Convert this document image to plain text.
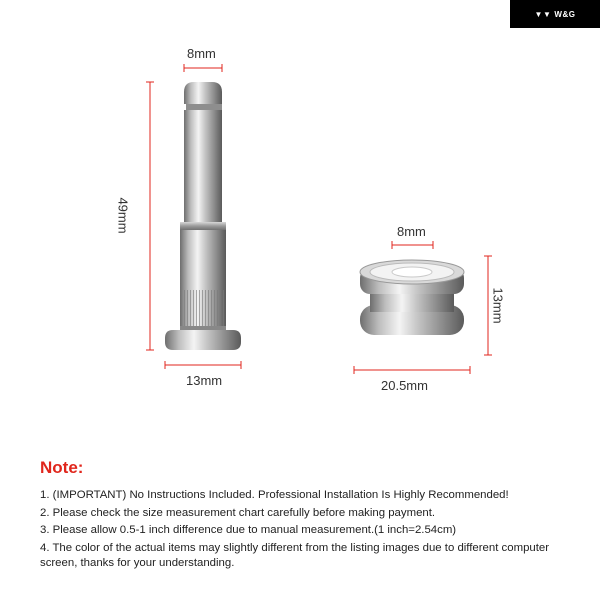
▼▼ W&G
8mm
49mm
13mm
8mm
13mm
20.5mm
Note:
1. (IMPORTANT) No Instructions Included. Professional Installation Is Highly Recommended!
2. Please check the size measurement chart carefully before making payment.
3. Please allow 0.5-1 inch difference due to manual measurement.(1 inch=2.54cm)
4. The color of the actual items may slightly different from the listing images due to different computer screen, thanks for your understanding.
